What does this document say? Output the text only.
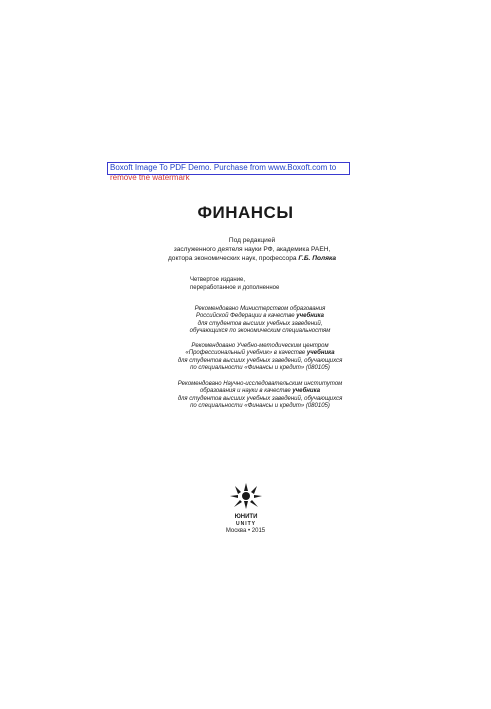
Boxoft Image To PDF Demo. Purchase from www.Boxoft.com to
remove the watermark
ФИНАНСЫ
Под редакцией
заслуженного деятеля науки РФ, академика РАЕН,
доктора экономических наук, профессора Г.Б. Поляка
Четвертое издание,
переработанное и дополненное
Рекомендовано Министерством образования
Российской Федерации в качестве учебника
для студентов высших учебных заведений,
обучающихся по экономическим специальностям
Рекомендовано Учебно-методическим центром
«Профессиональный учебник» в качестве учебника
для студентов высших учебных заведений, обучающихся
по специальности «Финансы и кредит» (080105)
Рекомендовано Научно-исследовательским институтом
образования и науки в качестве учебника
для студентов высших учебных заведений, обучающихся
по специальности «Финансы и кредит» (080105)
ЮНИТИ
UNITY
Москва • 2015
